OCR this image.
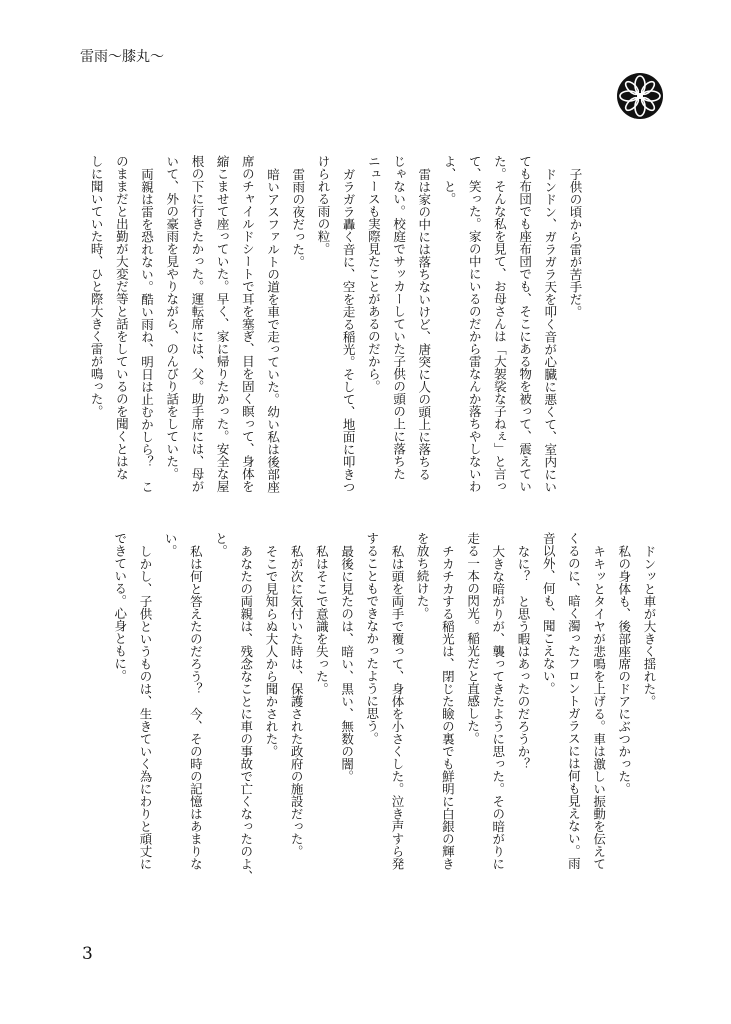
雷雨〜膝丸〜
子供の頃から雷が苦手だ。
ドンドン、ガラガラ天を叩く音が心臓に悪くて、室内にい
ても布団でも座布団でも、そこにある物を被って、震えてい
た。そんな私を見て、お母さんは「大袈裟な子ねぇ」と言っ
て、笑った。家の中にいるのだから雷なんか落ちやしないわ
よ、と。
雷は家の中には落ちないけど、唐突に人の頭上に落ちる
じゃない。校庭でサッカーしていた子供の頭の上に落ちた
ニュースも実際見たことがあるのだから。
ガラガラ轟く音に、空を走る稲光。そして、地面に叩きつ
けられる雨の粒。
雷雨の夜だった。
暗いアスファルトの道を車で走っていた。幼い私は後部座
席のチャイルドシートで耳を塞ぎ、目を固く瞑って、身体を
縮こませて座っていた。早く、家に帰りたかった。安全な屋
根の下に行きたかった。運転席には、父。助手席には、母が
いて、外の豪雨を見やりながら、のんびり話をしていた。
両親は雷を恐れない。酷い雨ね、明日は止むかしら？　こ
のままだと出勤が大変だ等と話をしているのを聞くとはな
しに聞いていた時、ひと際大きく雷が鳴った。
ドンッと車が大きく揺れた。
私の身体も、後部座席のドアにぶつかった。
キキッとタイヤが悲鳴を上げる。車は激しい振動を伝えて
くるのに、暗く濁ったフロントガラスには何も見えない。雨
音以外、何も、聞こえない。
なに？　と思う暇はあったのだろうか？
大きな暗がりが、襲ってきたように思った。その暗がりに
走る一本の閃光。稲光だと直感した。
チカチカする稲光は、閉じた瞼の裏でも鮮明に白銀の輝き
を放ち続けた。
私は頭を両手で覆って、身体を小さくした。泣き声すら発
することもできなかったように思う。
最後に見たのは、暗い、黒い、無数の闇。
私はそこで意識を失った。
私が次に気付いた時は、保護された政府の施設だった。
そこで見知らぬ大人から聞かされた。
あなたの両親は、残念なことに車の事故で亡くなったのよ、
と。
私は何と答えたのだろう？　今、その時の記憶はあまりな
い。
しかし、子供というものは、生きていく為にわりと頑丈に
できている。心身ともに。
3
